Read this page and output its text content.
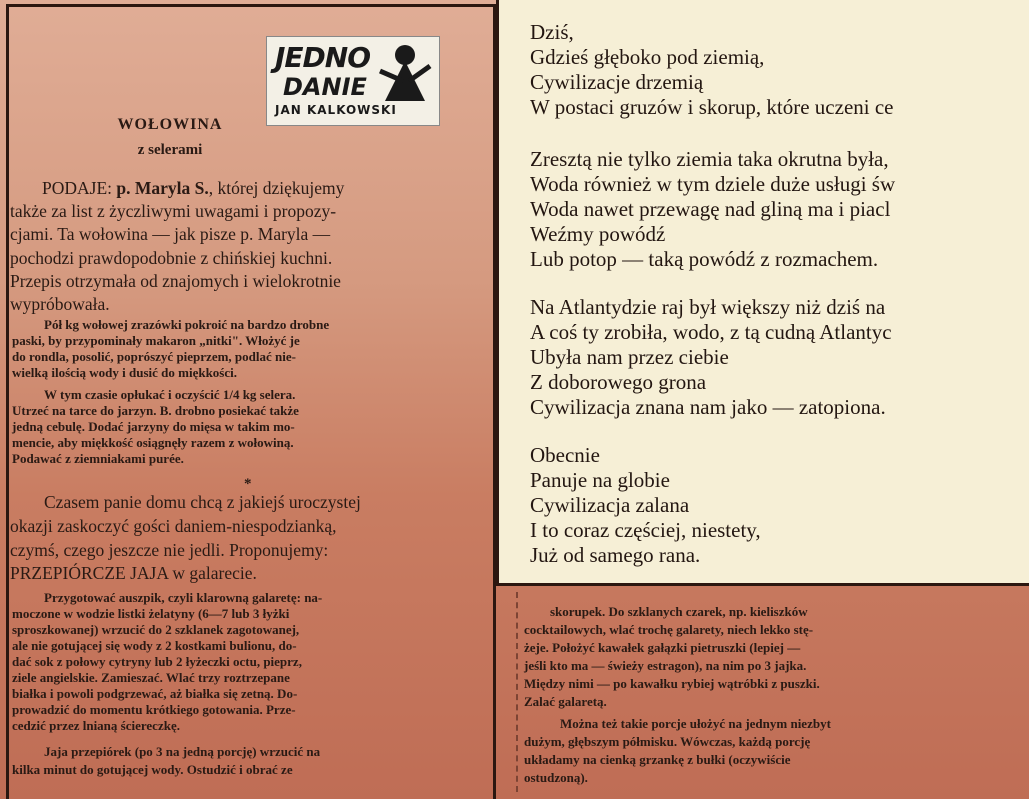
JEDNO
DANIE
JAN KALKOWSKI
WOŁOWINA
z selerami
PODAJE: p. Maryla S., której dziękujemy
także za list z życzliwymi uwagami i propozy-
cjami. Ta wołowina — jak pisze p. Maryla —
pochodzi prawdopodobnie z chińskiej kuchni.
Przepis otrzymała od znajomych i wielokrotnie
wypróbowała.
Pół kg wołowej zrazówki pokroić na bardzo drobne
paski, by przypominały makaron „nitki". Włożyć je
do rondla, posolić, poprószyć pieprzem, podlać nie-
wielką ilością wody i dusić do miękkości.
W tym czasie opłukać i oczyścić 1/4 kg selera.
Utrzeć na tarce do jarzyn. B. drobno posiekać także
jedną cebulę. Dodać jarzyny do mięsa w takim mo-
mencie, aby miękkość osiągnęły razem z wołowiną.
Podawać z ziemniakami purée.
*
Czasem panie domu chcą z jakiejś uroczystej
okazji zaskoczyć gości daniem-niespodzianką,
czymś, czego jeszcze nie jedli. Proponujemy:
PRZEPIÓRCZE JAJA w galarecie.
Przygotować auszpik, czyli klarowną galaretę: na-
moczone w wodzie listki żelatyny (6—7 lub 3 łyżki
sproszkowanej) wrzucić do 2 szklanek zagotowanej,
ale nie gotującej się wody z 2 kostkami bulionu, do-
dać sok z połowy cytryny lub 2 łyżeczki octu, pieprz,
ziele angielskie. Zamieszać. Wlać trzy roztrzepane
białka i powoli podgrzewać, aż białka się zetną. Do-
prowadzić do momentu krótkiego gotowania. Prze-
cedzić przez lnianą ściereczkę.
Jaja przepiórek (po 3 na jedną porcję) wrzucić na
kilka minut do gotującej wody. Ostudzić i obrać ze
skorupek. Do szklanych czarek, np. kieliszków
cocktailowych, wlać trochę galarety, niech lekko stę-
żeje. Położyć kawałek gałązki pietruszki (lepiej —
jeśli kto ma — świeży estragon), na nim po 3 jajka.
Między nimi — po kawałku rybiej wątróbki z puszki.
Zalać galaretą.
Można też takie porcje ułożyć na jednym niezbyt
dużym, głębszym półmisku. Wówczas, każdą porcję
układamy na cienką grzankę z bułki (oczywiście
ostudzoną).
Dziś,
Gdzieś głęboko pod ziemią,
Cywilizacje drzemią
W postaci gruzów i skorup, które uczeni ce
Zresztą nie tylko ziemia taka okrutna była,
Woda również w tym dziele duże usługi św
Woda nawet przewagę nad gliną ma i piacl
Weźmy powódź
Lub potop — taką powódź z rozmachem.
Na Atlantydzie raj był większy niż dziś na
A coś ty zrobiła, wodo, z tą cudną Atlantyc
Ubyła nam przez ciebie
Z doborowego grona
Cywilizacja znana nam jako — zatopiona.
Obecnie
Panuje na globie
Cywilizacja zalana
I to coraz częściej, niestety,
Już od samego rana.
